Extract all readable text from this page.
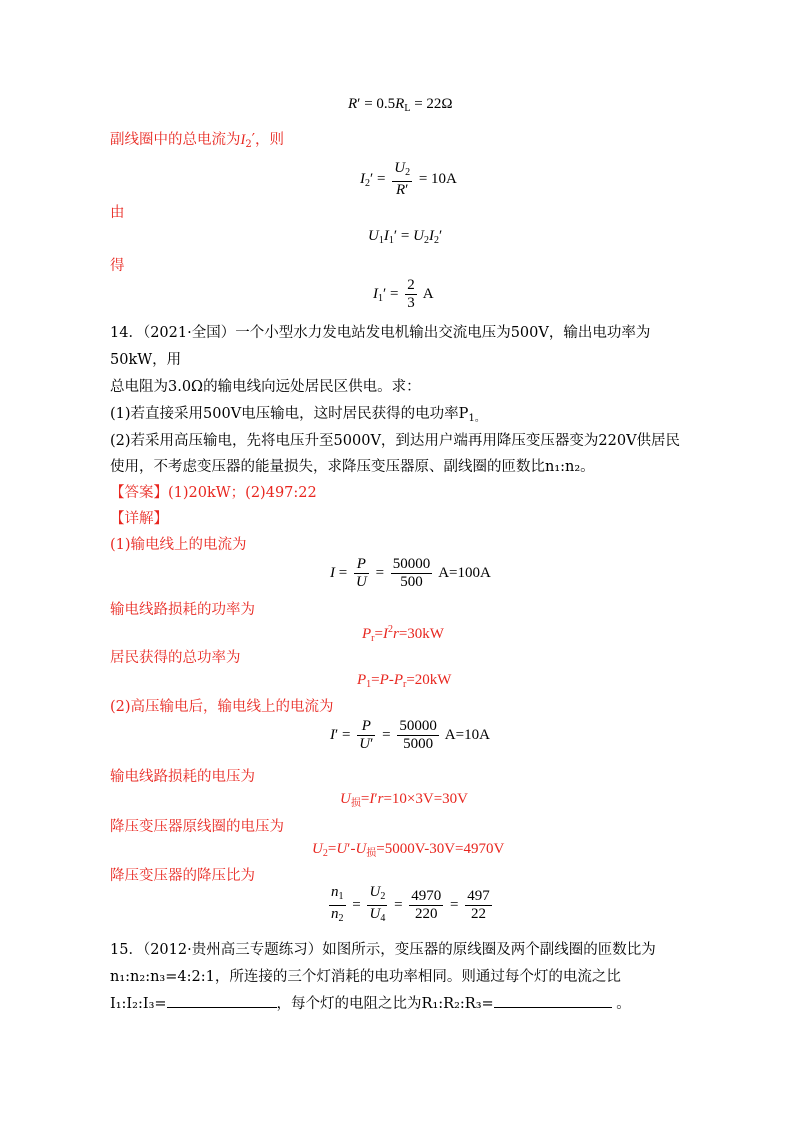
$R' = 0.5R_L = 22\Omega$
副线圈中的总电流为$I_2'$，则
$I_2' = \frac{U_2}{R'} = 10A$
由
$U_1I_1' = U_2I_2'$
得
$I_1' = \frac{2}{3}$ A
14．（2021·全国）一个小型水力发电站发电机输出交流电压为500V，输出电功率为
50kW，用
总电阻为3.0Ω的输电线向远处居民区供电。求：
(1)若直接采用500V电压输电，这时居民获得的电功率$P_{1。}$
(2)若采用高压输电，先将电压升至5000V，到达用户端再用降压变压器变为220V供居民
使用，不考虑变压器的能量损失，求降压变压器原、副线圈的匝数比n₁:n₂。
【答案】(1)20kW；(2)497:22
【详解】
(1)输电线上的电流为
$I = \frac{P}{U} = \frac{50000}{500} A=100A$
输电线路损耗的功率为
$P_r=I^2r=30kW$
居民获得的总功率为
$P_1=P-P_r=20kW$
(2)高压输电后，输电线上的电流为
$I' = \frac{P}{U'} = \frac{50000}{5000} A=10A$
输电线路损耗的电压为
$U_损=I'r=10\times 3V=30V$
降压变压器原线圈的电压为
$U_2=U'-U_损=5000V-30V=4970V$
降压变压器的降压比为
$\frac{n_1}{n_2} = \frac{U_2}{U_4} = \frac{4970}{220} = \frac{497}{22}$
15．（2012·贵州高三专题练习）如图所示，变压器的原线圈及两个副线圈的匝数比为
n₁:n₂:n₃=4:2:1，所连接的三个灯消耗的电功率相同。则通过每个灯的电流之比
I₁:I₂:I₃=	，每个灯的电阻之比为R₁:R₂:R₃=	。
